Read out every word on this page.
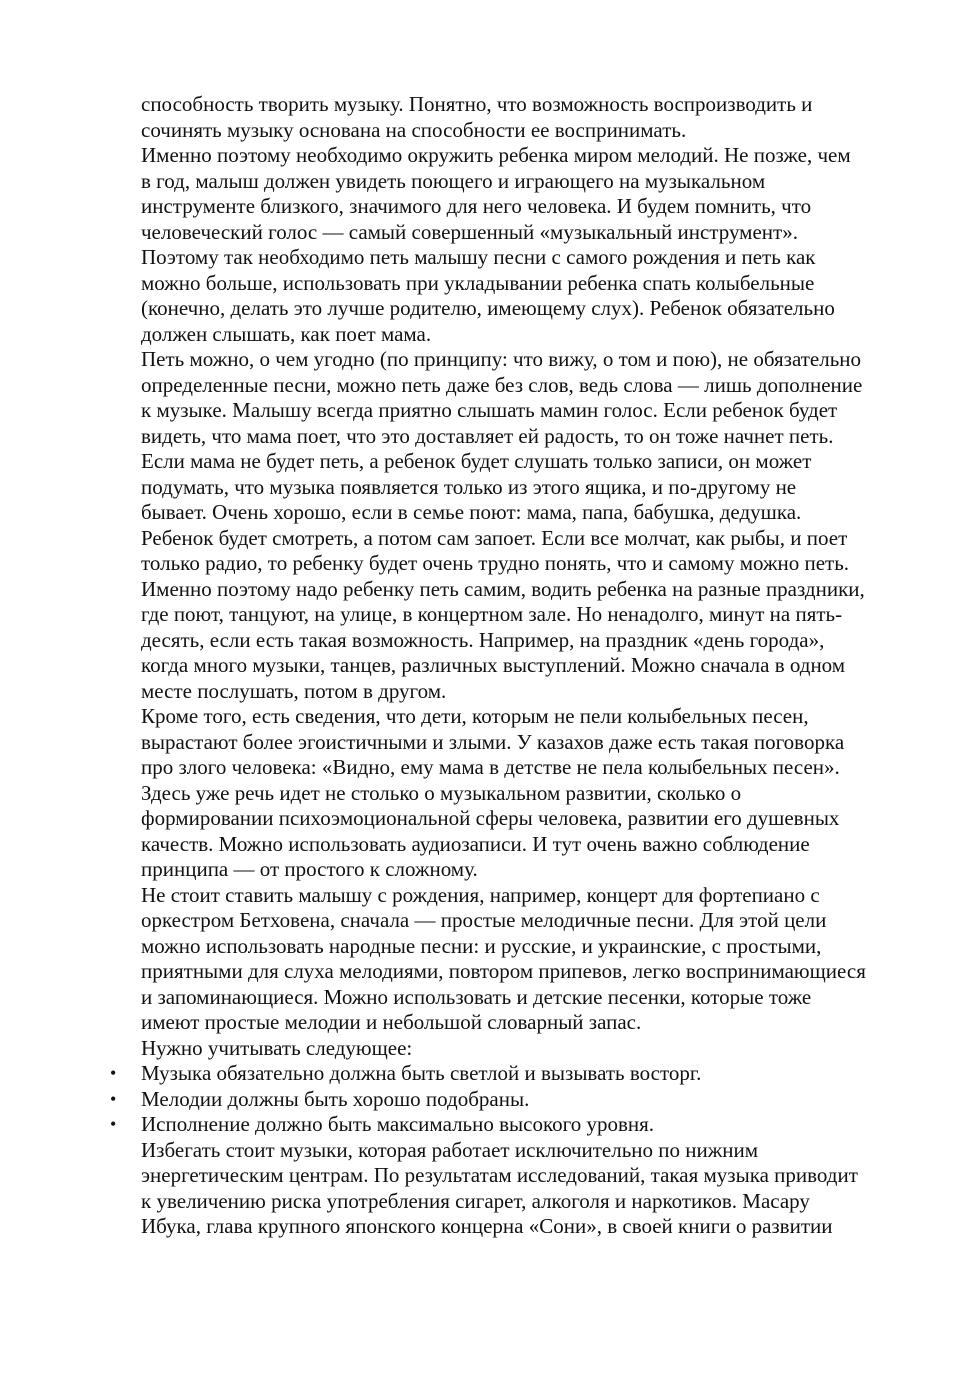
способность творить музыку. Понятно, что возможность воспроизводить и
сочинять музыку основана на способности ее воспринимать.
Именно поэтому необходимо окружить ребенка миром мелодий. Не позже, чем
в год, малыш должен увидеть поющего и играющего на музыкальном
инструменте близкого, значимого для него человека. И будем помнить, что
человеческий голос — самый совершенный «музыкальный инструмент».
Поэтому так необходимо петь малышу песни с самого рождения и петь как
можно больше, использовать при укладывании ребенка спать колыбельные
(конечно, делать это лучше родителю, имеющему слух). Ребенок обязательно
должен слышать, как поет мама.
Петь можно, о чем угодно (по принципу: что вижу, о том и пою), не обязательно
определенные песни, можно петь даже без слов, ведь слова — лишь дополнение
к музыке. Малышу всегда приятно слышать мамин голос. Если ребенок будет
видеть, что мама поет, что это доставляет ей радость, то он тоже начнет петь.
Если мама не будет петь, а ребенок будет слушать только записи, он может
подумать, что музыка появляется только из этого ящика, и по-другому не
бывает. Очень хорошо, если в семье поют: мама, папа, бабушка, дедушка.
Ребенок будет смотреть, а потом сам запоет. Если все молчат, как рыбы, и поет
только радио, то ребенку будет очень трудно понять, что и самому можно петь.
Именно поэтому надо ребенку петь самим, водить ребенка на разные праздники,
где поют, танцуют, на улице, в концертном зале. Но ненадолго, минут на пять-
десять, если есть такая возможность. Например, на праздник «день города»,
когда много музыки, танцев, различных выступлений. Можно сначала в одном
месте послушать, потом в другом.
Кроме того, есть сведения, что дети, которым не пели колыбельных песен,
вырастают более эгоистичными и злыми. У казахов даже есть такая поговорка
про злого человека: «Видно, ему мама в детстве не пела колыбельных песен».
Здесь уже речь идет не столько о музыкальном развитии, сколько о
формировании психоэмоциональной сферы человека, развитии его душевных
качеств. Можно использовать аудиозаписи. И тут очень важно соблюдение
принципа — от простого к сложному.
Не стоит ставить малышу с рождения, например, концерт для фортепиано с
оркестром Бетховена, сначала — простые мелодичные песни. Для этой цели
можно использовать народные песни: и русские, и украинские, с простыми,
приятными для слуха мелодиями, повтором припевов, легко воспринимающиеся
и запоминающиеся. Можно использовать и детские песенки, которые тоже
имеют простые мелодии и небольшой словарный запас.
Нужно учитывать следующее:
• Музыка обязательно должна быть светлой и вызывать восторг.
• Мелодии должны быть хорошо подобраны.
• Исполнение должно быть максимально высокого уровня.
Избегать стоит музыки, которая работает исключительно по нижним
энергетическим центрам. По результатам исследований, такая музыка приводит
к увеличению риска употребления сигарет, алкоголя и наркотиков. Масару
Ибука, глава крупного японского концерна «Сони», в своей книги о развитии
